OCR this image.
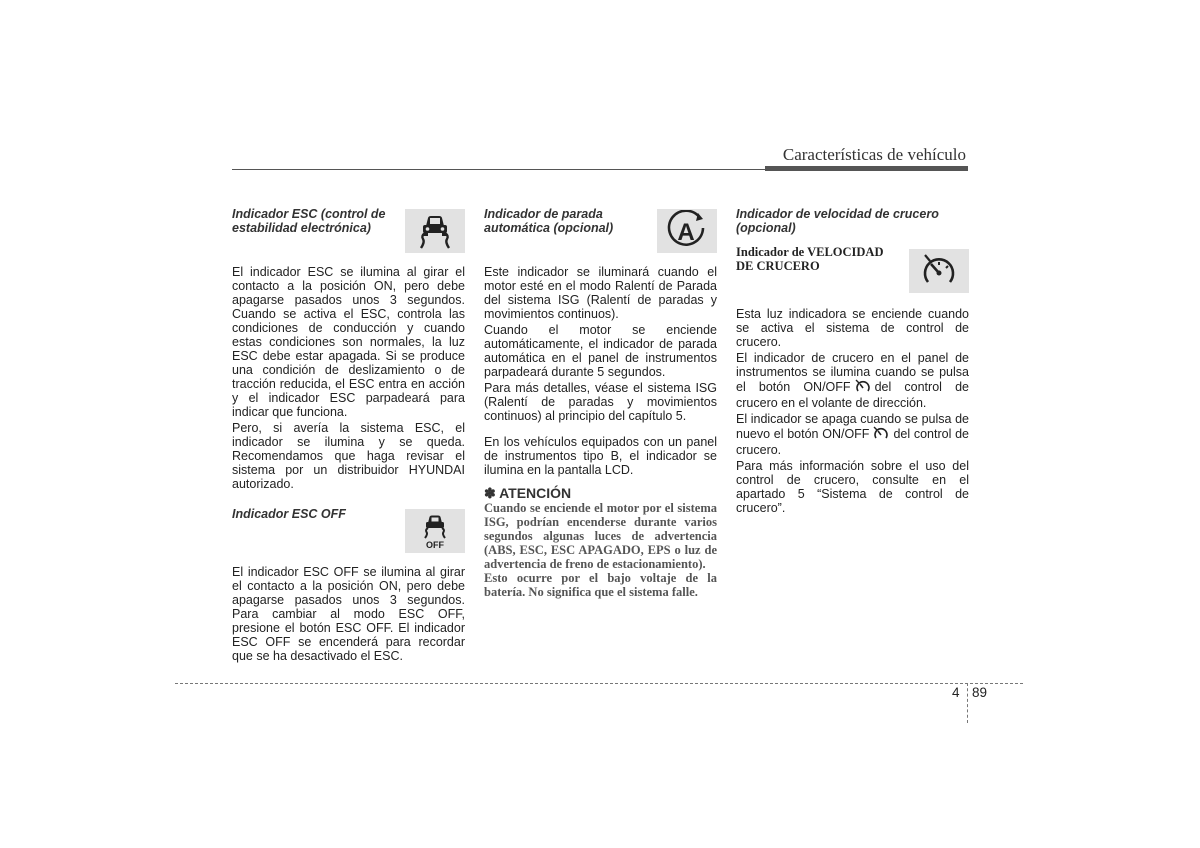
Características de vehículo
Indicador ESC (control de estabilidad electrónica)

El indicador ESC se ilumina al girar el contacto a la posición ON, pero debe apagarse pasados unos 3 segundos. Cuando se activa el ESC, controla las condiciones de conducción y cuando estas condiciones son normales, la luz ESC debe estar apagada. Si se produce una condición de deslizamiento o de tracción reducida, el ESC entra en acción y el indicador ESC parpadeará para indicar que funciona.

Pero, si avería la sistema ESC, el indicador se ilumina y se queda. Recomendamos que haga revisar el sistema por un distribuidor HYUNDAI autorizado.

Indicador ESC OFF
OFF

El indicador ESC OFF se ilumina al girar el contacto a la posición ON, pero debe apagarse pasados unos 3 segundos. Para cambiar al modo ESC OFF, presione el botón ESC OFF. El indicador ESC OFF se encenderá para recordar que se ha desactivado el ESC.

Indicador de parada automática (opcional)	A

Este indicador se iluminará cuando el motor esté en el modo Ralentí de Parada del sistema ISG (Ralentí de paradas y movimientos continuos).

Cuando el motor se enciende automáticamente, el indicador de parada automática en el panel de instrumentos parpadeará durante 5 segundos.

Para más detalles, véase el sistema ISG (Ralentí de paradas y movimientos continuos) al principio del capítulo 5.

En los vehículos equipados con un panel de instrumentos tipo B, el indicador se ilumina en la pantalla LCD.

✽ ATENCIÓN

Cuando se enciende el motor por el sistema ISG, podrían encenderse durante varios segundos algunas luces de advertencia (ABS, ESC, ESC APAGADO, EPS o luz de advertencia de freno de estacionamiento).

Esto ocurre por el bajo voltaje de la batería. No significa que el sistema falle.

Indicador de velocidad de crucero (opcional)
Indicador de VELOCIDAD DE CRUCERO

Esta luz indicadora se enciende cuando se activa el sistema de control de crucero.

El indicador de crucero en el panel de instrumentos se ilumina cuando se pulsa el botón ON/OFF del control de crucero en el volante de dirección.

El indicador se apaga cuando se pulsa de nuevo el botón ON/OFF del control de crucero.

Para más información sobre el uso del control de crucero, consulte en el apartado 5 “Sistema de control de crucero”.

4 89
